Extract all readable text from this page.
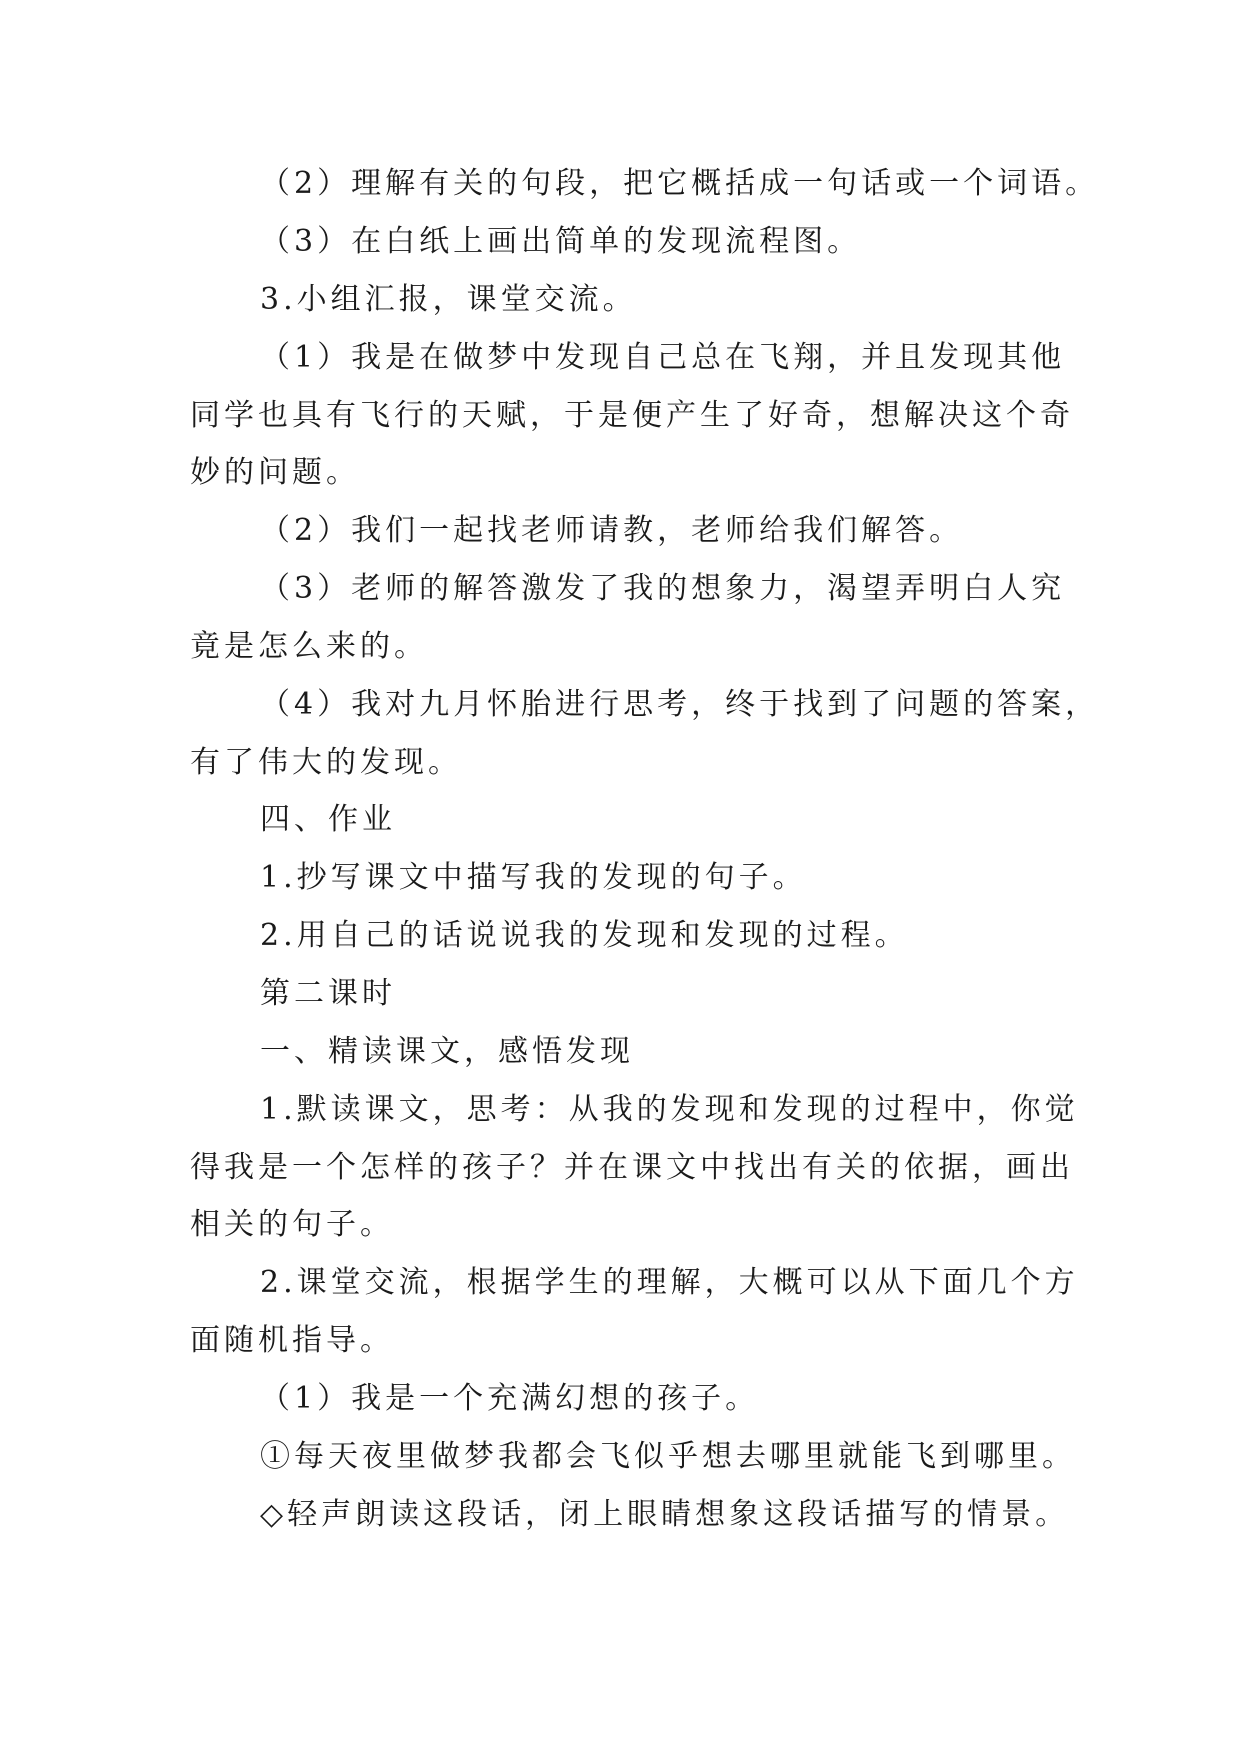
（2）理解有关的句段，把它概括成一句话或一个词语。
（3）在白纸上画出简单的发现流程图。
3.小组汇报，课堂交流。
（1）我是在做梦中发现自己总在飞翔，并且发现其他
同学也具有飞行的天赋，于是便产生了好奇，想解决这个奇
妙的问题。
（2）我们一起找老师请教，老师给我们解答。
（3）老师的解答激发了我的想象力，渴望弄明白人究
竟是怎么来的。
（4）我对九月怀胎进行思考，终于找到了问题的答案，
有了伟大的发现。
四、作业
1.抄写课文中描写我的发现的句子。
2.用自己的话说说我的发现和发现的过程。
第二课时
一、精读课文，感悟发现
1.默读课文，思考：从我的发现和发现的过程中，你觉
得我是一个怎样的孩子？并在课文中找出有关的依据，画出
相关的句子。
2.课堂交流，根据学生的理解，大概可以从下面几个方
面随机指导。
（1）我是一个充满幻想的孩子。
①每天夜里做梦我都会飞似乎想去哪里就能飞到哪里。
◇轻声朗读这段话，闭上眼睛想象这段话描写的情景。
